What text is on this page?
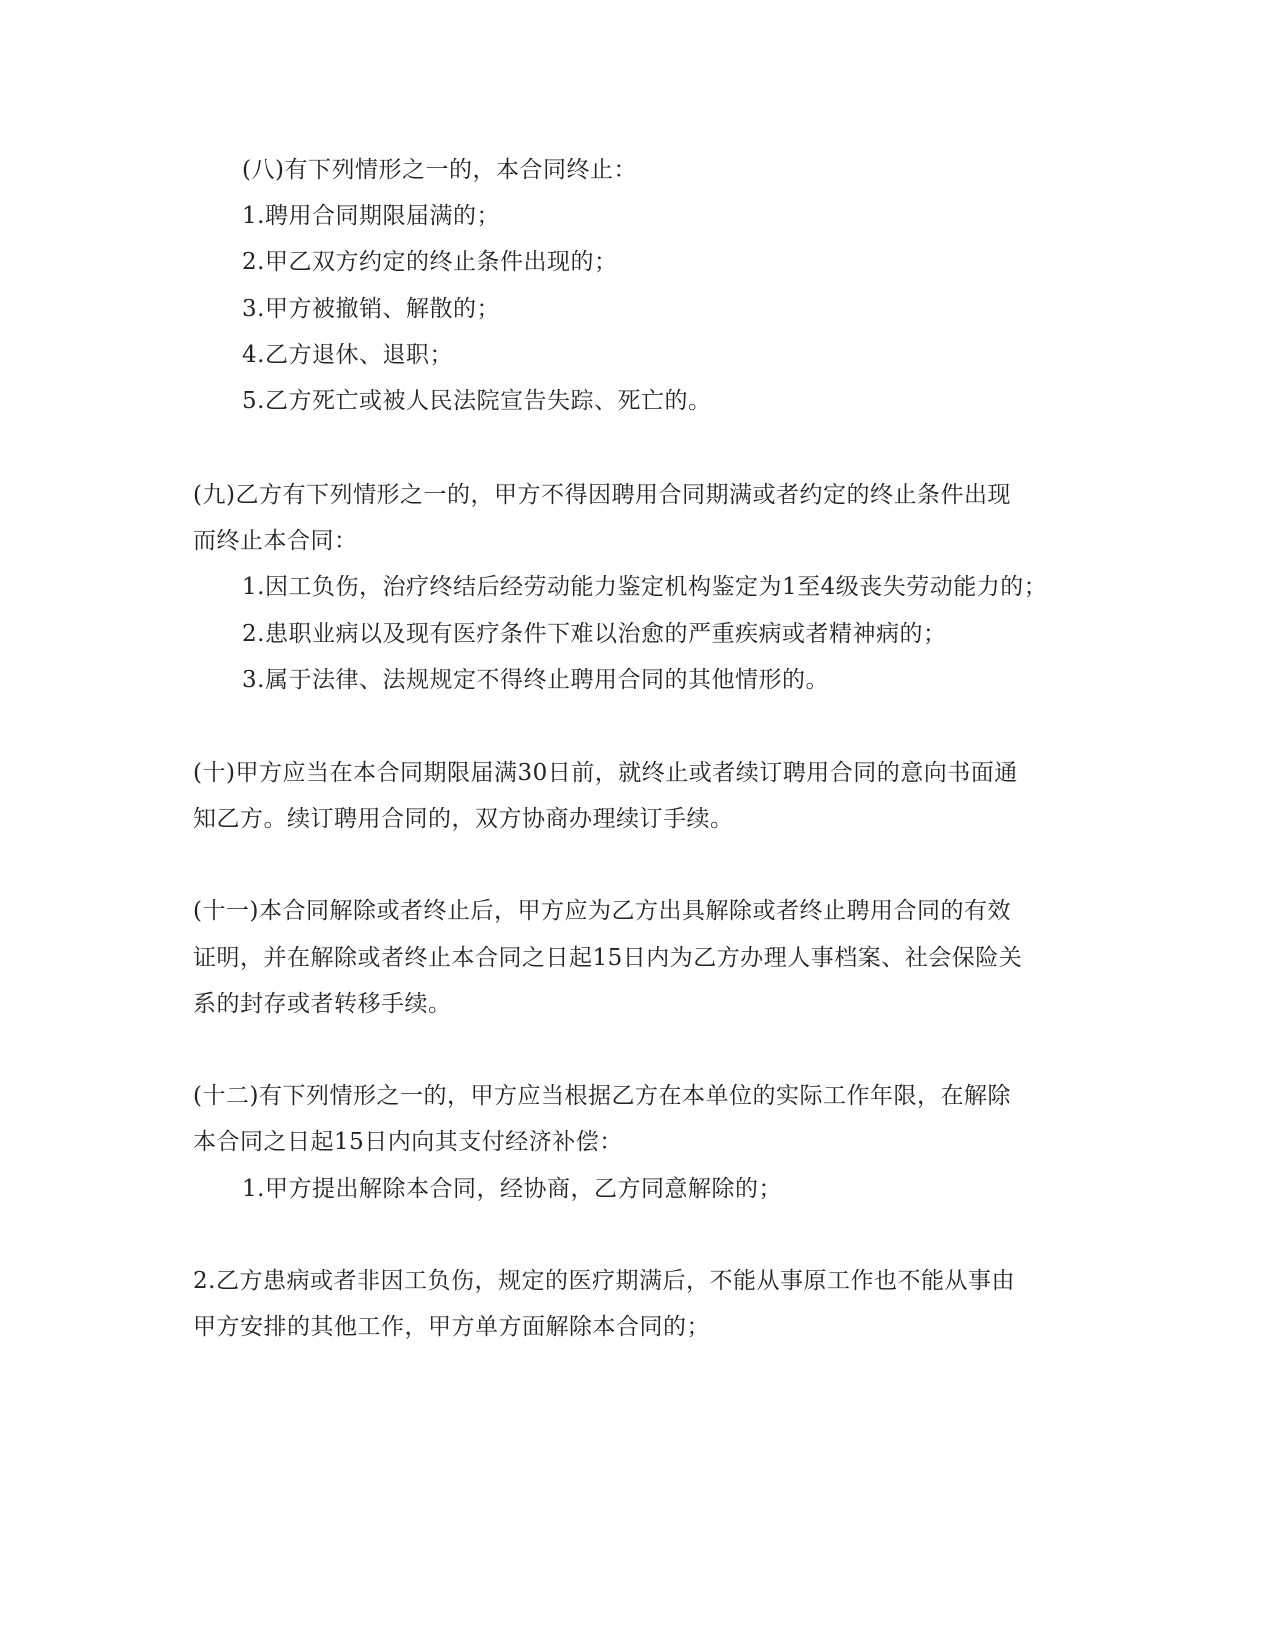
(八)有下列情形之一的，本合同终止：
1.聘用合同期限届满的；
2.甲乙双方约定的终止条件出现的；
3.甲方被撤销、解散的；
4.乙方退休、退职；
5.乙方死亡或被人民法院宣告失踪、死亡的。
(九)乙方有下列情形之一的，甲方不得因聘用合同期满或者约定的终止条件出现
而终止本合同：
1.因工负伤，治疗终结后经劳动能力鉴定机构鉴定为1至4级丧失劳动能力的；
2.患职业病以及现有医疗条件下难以治愈的严重疾病或者精神病的；
3.属于法律、法规规定不得终止聘用合同的其他情形的。
(十)甲方应当在本合同期限届满30日前，就终止或者续订聘用合同的意向书面通
知乙方。续订聘用合同的，双方协商办理续订手续。
(十一)本合同解除或者终止后，甲方应为乙方出具解除或者终止聘用合同的有效
证明，并在解除或者终止本合同之日起15日内为乙方办理人事档案、社会保险关
系的封存或者转移手续。
(十二)有下列情形之一的，甲方应当根据乙方在本单位的实际工作年限，在解除
本合同之日起15日内向其支付经济补偿：
1.甲方提出解除本合同，经协商，乙方同意解除的；
2.乙方患病或者非因工负伤，规定的医疗期满后，不能从事原工作也不能从事由
甲方安排的其他工作，甲方单方面解除本合同的；
